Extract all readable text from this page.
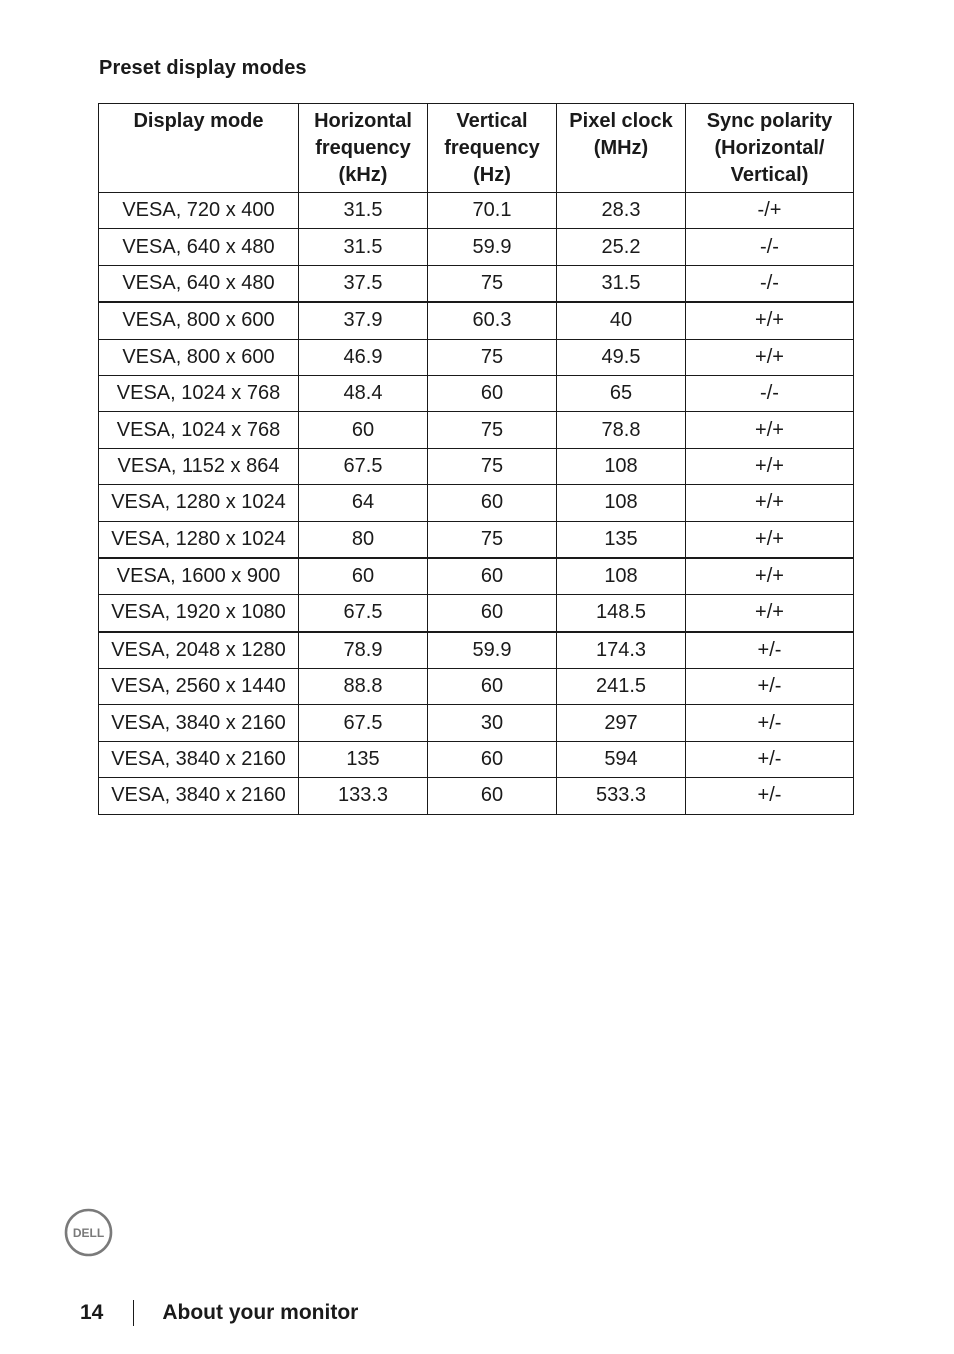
Preset display modes
Display mode	Horizontal
frequency
(kHz)	Vertical
frequency
(Hz)	Pixel clock
(MHz)	Sync polarity
(Horizontal/
Vertical)

VESA, 720 x 400	31.5	70.1	28.3	-/+
VESA, 640 x 480	31.5	59.9	25.2	-/-
VESA, 640 x 480	37.5	75	31.5	-/-
VESA, 800 x 600	37.9	60.3	40	+/+
VESA, 800 x 600	46.9	75	49.5	+/+
VESA, 1024 x 768	48.4	60	65	-/-
VESA, 1024 x 768	60	75	78.8	+/+
VESA, 1152 x 864	67.5	75	108	+/+
VESA, 1280 x 1024	64	60	108	+/+
VESA, 1280 x 1024	80	75	135	+/+
VESA, 1600 x 900	60	60	108	+/+
VESA, 1920 x 1080	67.5	60	148.5	+/+
VESA, 2048 x 1280	78.9	59.9	174.3	+/-
VESA, 2560 x 1440	88.8	60	241.5	+/-
VESA, 3840 x 2160	67.5	30	297	+/-
VESA, 3840 x 2160	135	60	594	+/-
VESA, 3840 x 2160	133.3	60	533.3	+/-
DELL
14	About your monitor
